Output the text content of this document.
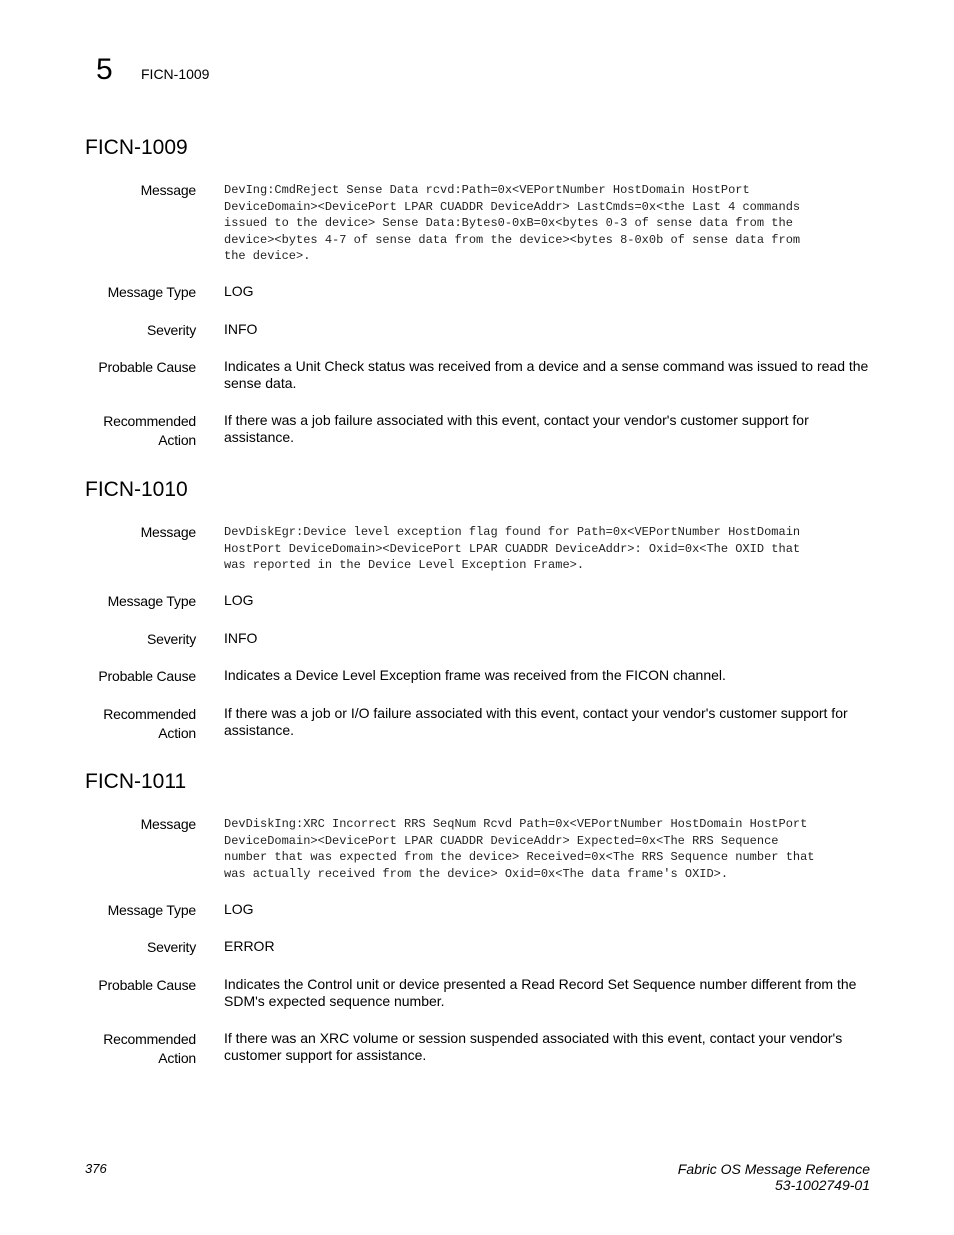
5 FICN-1009
FICN-1009
Message DevIng:CmdReject Sense Data rcvd:Path=0x<VEPortNumber HostDomain HostPort
DeviceDomain><DevicePort LPAR CUADDR DeviceAddr> LastCmds=0x<the Last 4 commands
issued to the device> Sense Data:Bytes0-0xB=0x<bytes 0-3 of sense data from the
device><bytes 4-7 of sense data from the device><bytes 8-0x0b of sense data from
the device>.
Message Type LOG
Severity INFO
Probable Cause Indicates a Unit Check status was received from a device and a sense command was issued to read the sense data.
Recommended
Action
If there was a job failure associated with this event, contact your vendor's customer support for assistance.
FICN-1010
Message DevDiskEgr:Device level exception flag found for Path=0x<VEPortNumber HostDomain
HostPort DeviceDomain><DevicePort LPAR CUADDR DeviceAddr>: Oxid=0x<The OXID that
was reported in the Device Level Exception Frame>.
Message Type LOG
Severity INFO
Probable Cause Indicates a Device Level Exception frame was received from the FICON channel.
Recommended
Action
If there was a job or I/O failure associated with this event, contact your vendor's customer support for assistance.
FICN-1011
Message DevDiskIng:XRC Incorrect RRS SeqNum Rcvd Path=0x<VEPortNumber HostDomain HostPort
DeviceDomain><DevicePort LPAR CUADDR DeviceAddr> Expected=0x<The RRS Sequence
number that was expected from the device> Received=0x<The RRS Sequence number that
was actually received from the device> Oxid=0x<The data frame's OXID>.
Message Type LOG
Severity ERROR
Probable Cause Indicates the Control unit or device presented a Read Record Set Sequence number different from the SDM's expected sequence number.
Recommended
Action
If there was an XRC volume or session suspended associated with this event, contact your vendor's customer support for assistance.
376	Fabric OS Message Reference
53-1002749-01
